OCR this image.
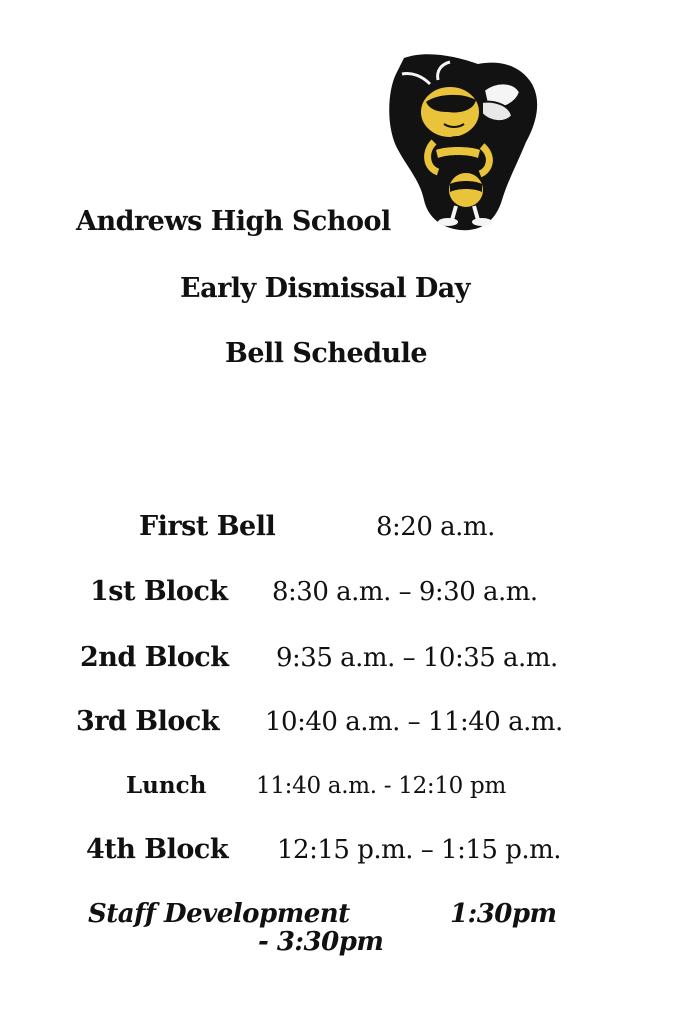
Andrews High School
Early Dismissal Day
Bell Schedule
First Bell	8:20 a.m.
1st Block 8:30 a.m. – 9:30 a.m.
2nd Block 9:35 a.m. – 10:35 a.m.
3rd Block 10:40 a.m. – 11:40 a.m.
Lunch 11:40 a.m. - 12:10 pm
4th Block 12:15 p.m. – 1:15 p.m.
Staff Development	1:30pm
- 3:30pm
